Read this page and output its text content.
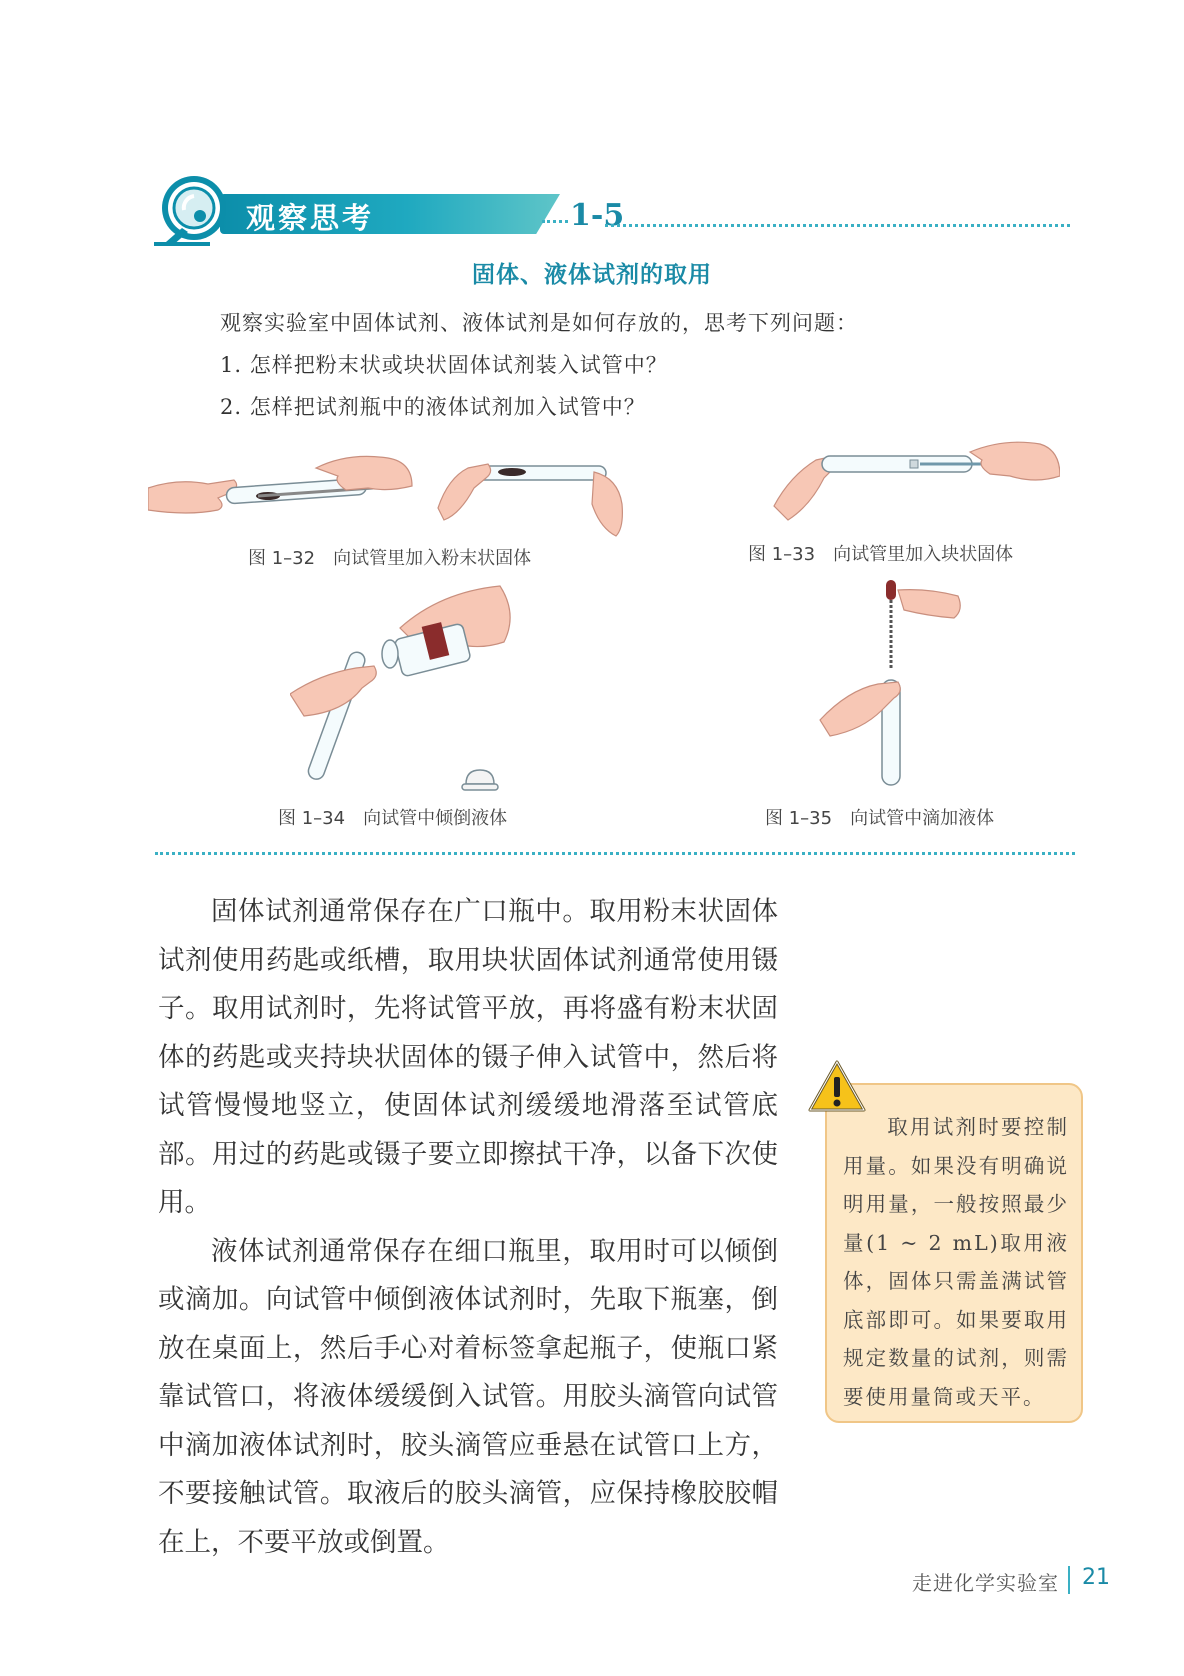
观察思考	1-5
固体、液体试剂的取用
观察实验室中固体试剂、液体试剂是如何存放的，思考下列问题：
1. 怎样把粉末状或块状固体试剂装入试管中？
2. 怎样把试剂瓶中的液体试剂加入试管中？
图 1–32 向试管里加入粉末状固体	图 1–33 向试管里加入块状固体
图 1–34 向试管中倾倒液体	图 1–35 向试管中滴加液体

固体试剂通常保存在广口瓶中。取用粉末状固体试剂使用药匙或纸槽，取用块状固体试剂通常使用镊子。取用试剂时，先将试管平放，再将盛有粉末状固体的药匙或夹持块状固体的镊子伸入试管中，然后将试管慢慢地竖立，使固体试剂缓缓地滑落至试管底部。用过的药匙或镊子要立即擦拭干净，以备下次使用。

液体试剂通常保存在细口瓶里，取用时可以倾倒或滴加。向试管中倾倒液体试剂时，先取下瓶塞，倒放在桌面上，然后手心对着标签拿起瓶子，使瓶口紧靠试管口，将液体缓缓倒入试管。用胶头滴管向试管中滴加液体试剂时，胶头滴管应垂悬在试管口上方，不要接触试管。取液后的胶头滴管，应保持橡胶胶帽在上，不要平放或倒置。

取用试剂时要控制用量。如果没有明确说明用量，一般按照最少量(1 ~ 2 mL)取用液体，固体只需盖满试管底部即可。如果要取用规定数量的试剂，则需要使用量筒或天平。
走进化学实验室 21
